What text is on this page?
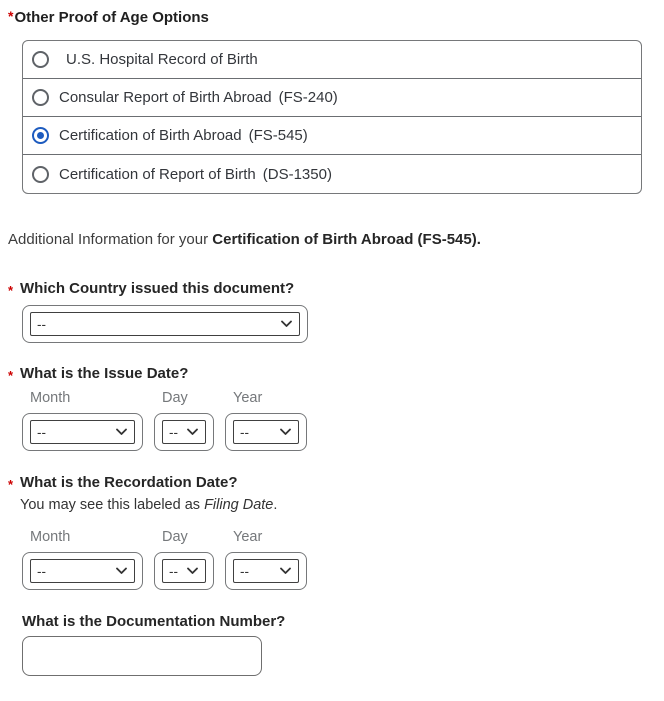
*Other Proof of Age Options
U.S. Hospital Record of Birth
Consular Report of Birth Abroad (FS-240)
Certification of Birth Abroad (FS-545)
Certification of Report of Birth (DS-1350)

Additional Information for your Certification of Birth Abroad (FS-545).

* Which Country issued this document?
--
* What is the Issue Date?
Month	Day	Year
--
--
--
* What is the Recordation Date?

You may see this labeled as Filing Date.

Month	Day	Year
--
--
--
What is the Documentation Number?
